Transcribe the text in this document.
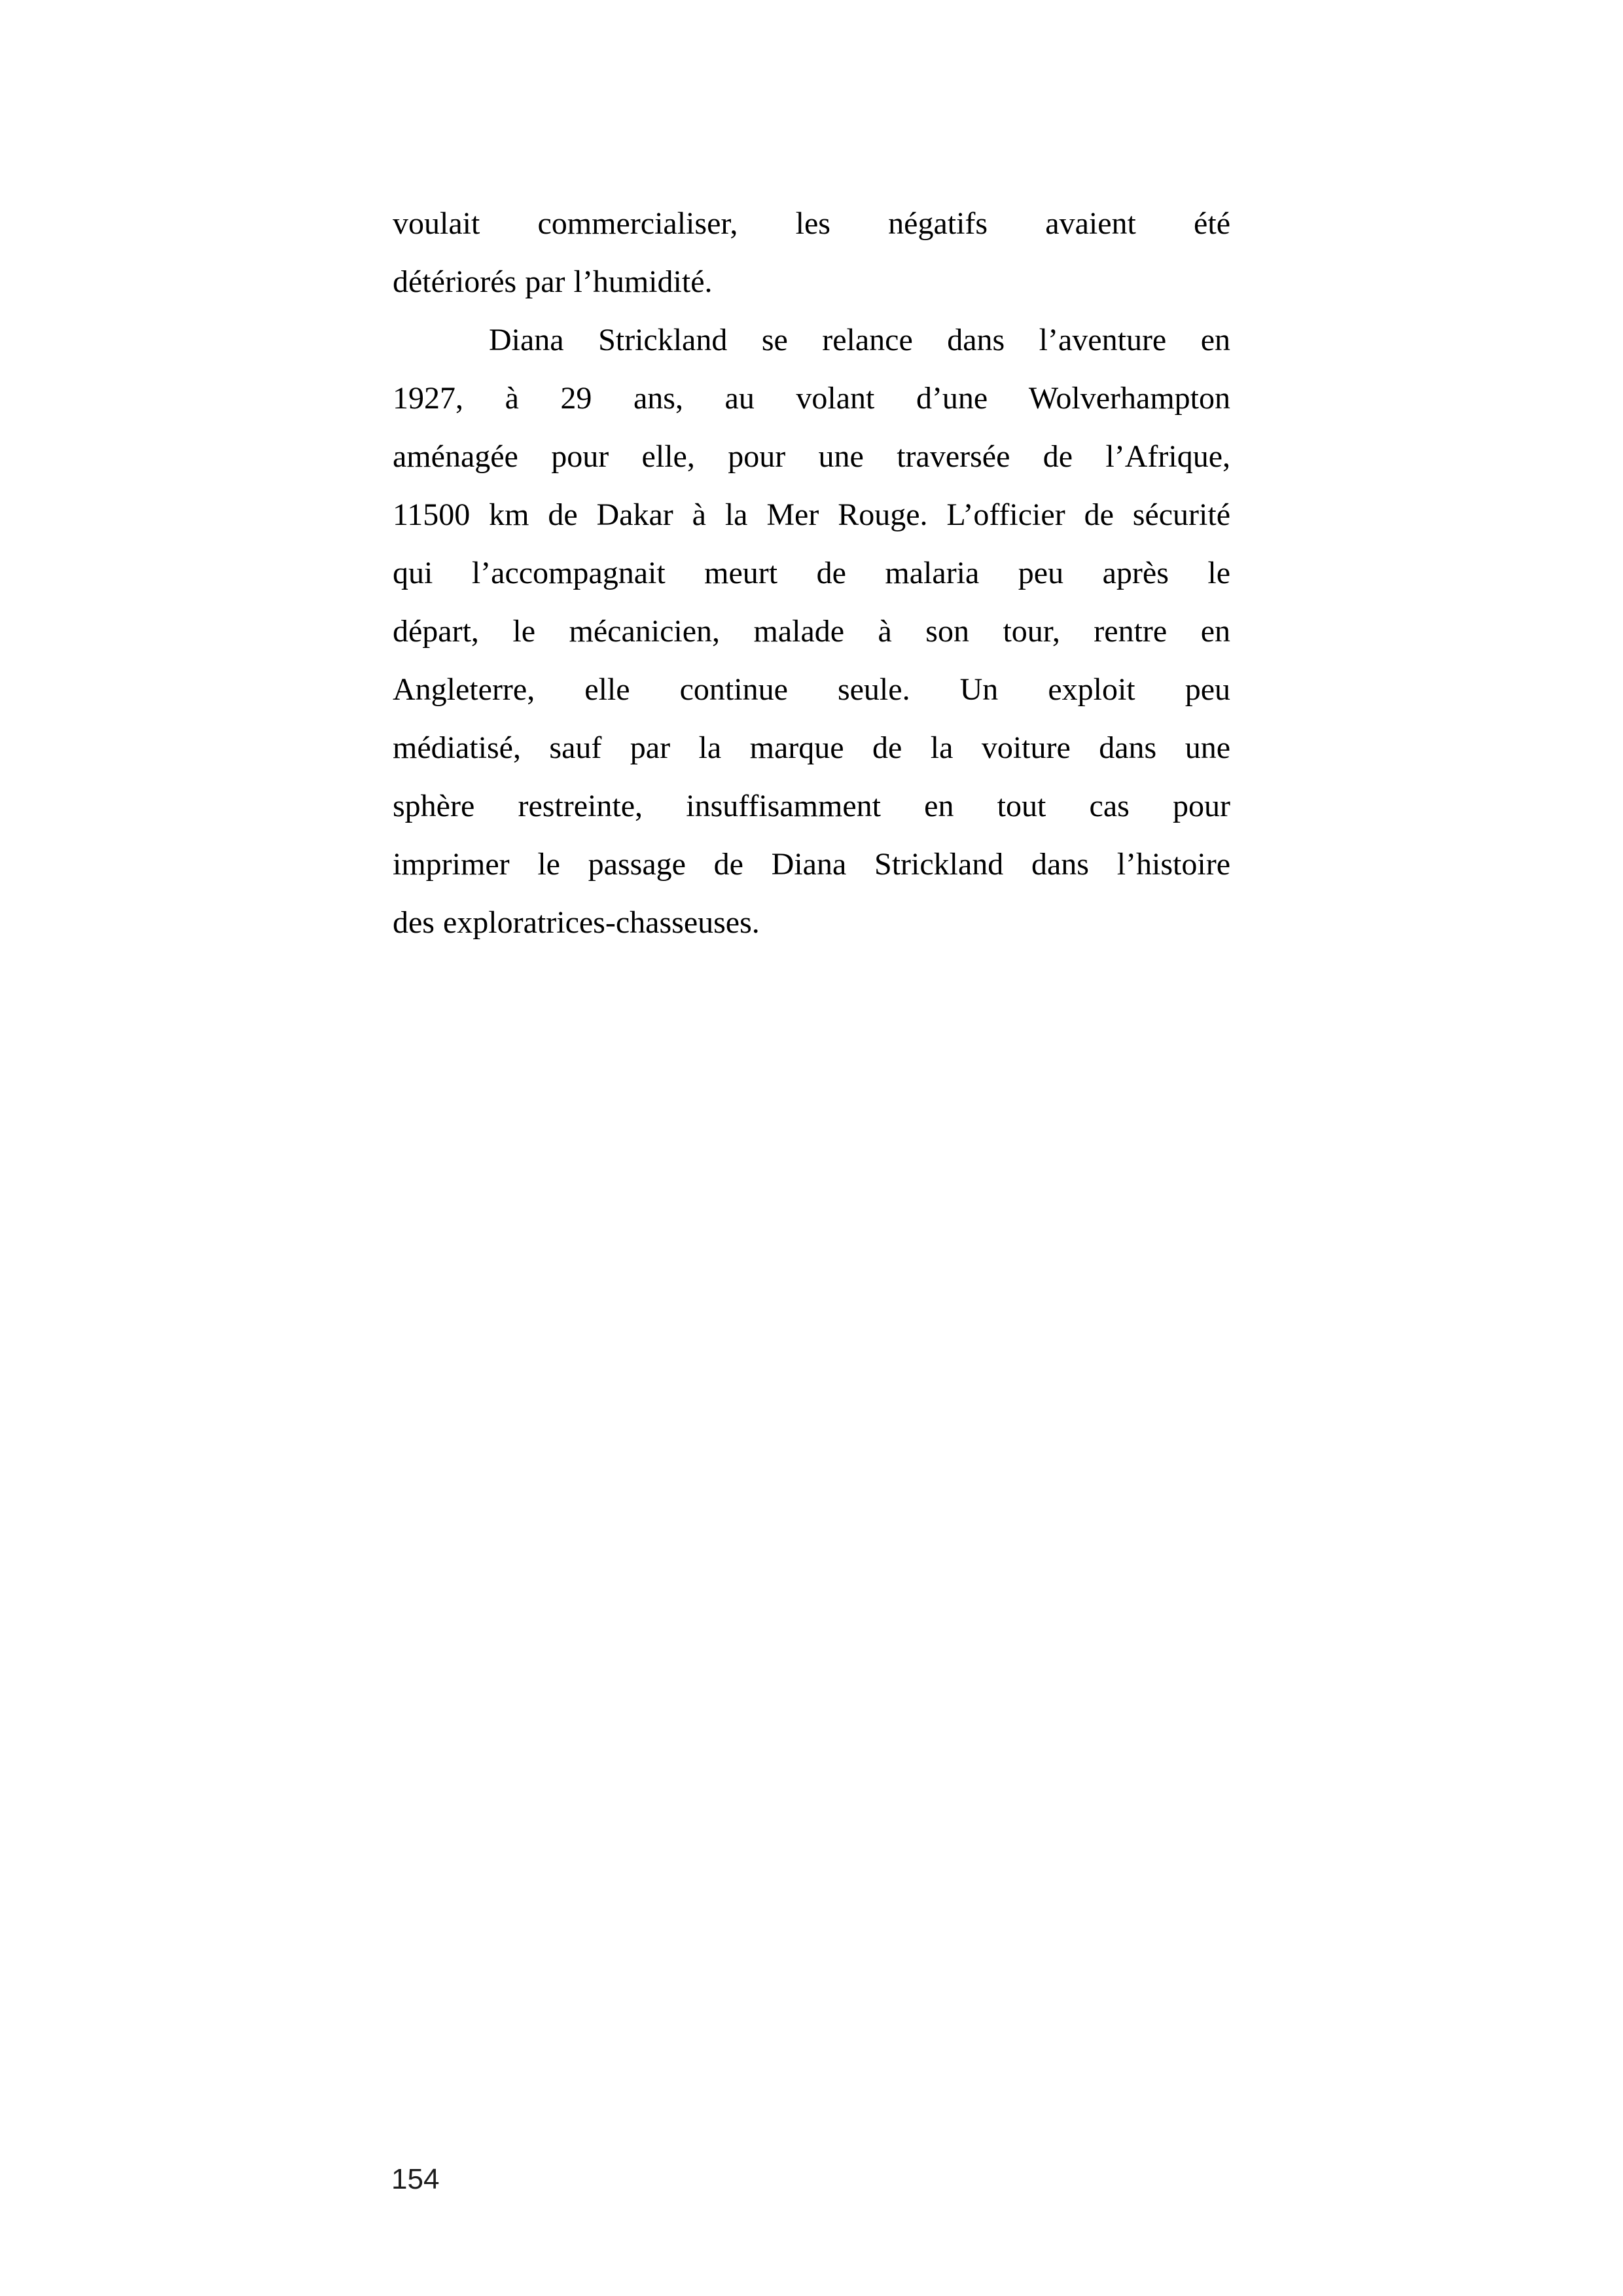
voulait commercialiser, les négatifs avaient été
détériorés par l’humidité.
Diana Strickland se relance dans l’aventure en
1927, à 29 ans, au volant d’une Wolverhampton
aménagée pour elle, pour une traversée de l’Afrique,
11500 km de Dakar à la Mer Rouge. L’officier de sécurité
qui l’accompagnait meurt de malaria peu après le
départ, le mécanicien, malade à son tour, rentre en
Angleterre, elle continue seule. Un exploit peu
médiatisé, sauf par la marque de la voiture dans une
sphère restreinte, insuffisamment en tout cas pour
imprimer le passage de Diana Strickland dans l’histoire
des exploratrices-chasseuses.
154
